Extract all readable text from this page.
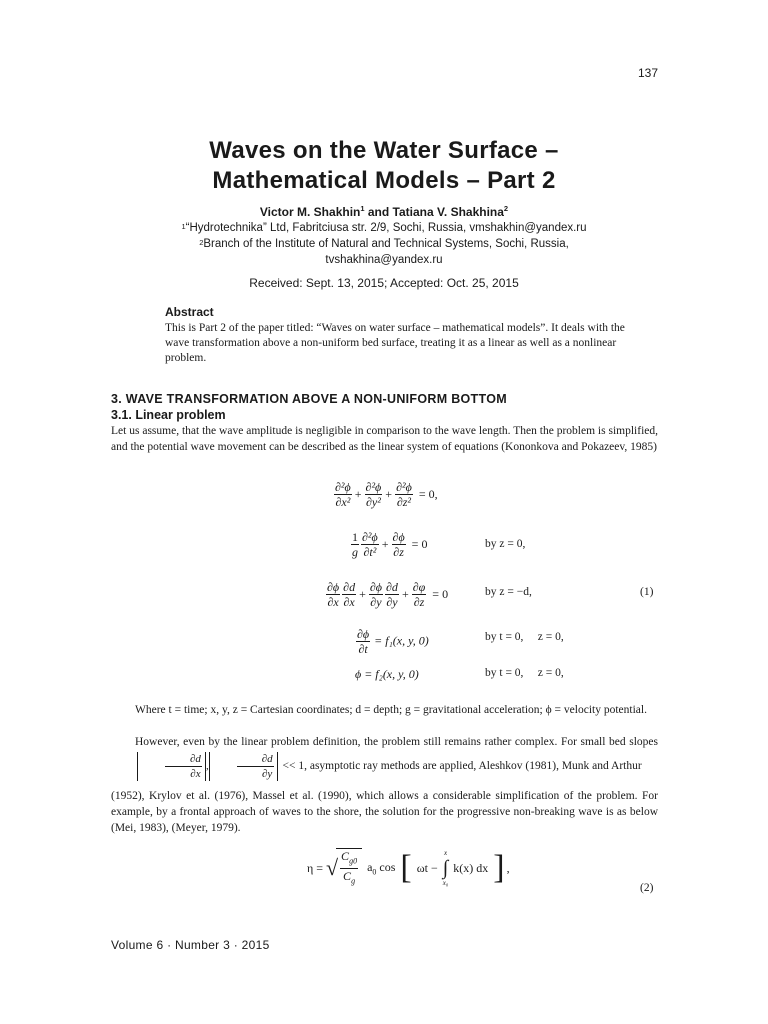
137
Waves on the Water Surface –
Mathematical Models – Part 2
Victor M. Shakhin$^1$ and Tatiana V. Shakhina$^2$
$^1$“Hydrotechnika” Ltd, Fabritciusa str. 2/9, Sochi, Russia, vmshakhin@yandex.ru
$^2$Branch of the Institute of Natural and Technical Systems, Sochi, Russia,
tvshakhina@yandex.ru
Received: Sept. 13, 2015; Accepted: Oct. 25, 2015
Abstract
This is Part 2 of the paper titled: “Waves on water surface – mathematical models”. It deals with the wave transformation above a non-uniform bed surface, treating it as a linear as well as a nonlinear problem.
3. WAVE TRANSFORMATION ABOVE A NON-UNIFORM BOTTOM
3.1. Linear problem
Let us assume, that the wave amplitude is negligible in comparison to the wave length. Then the problem is simplified, and the potential wave movement can be described as the linear system of equations (Kononkova and Pokazeev, 1985)
$\frac{\text{∂²ϕ}}{\text{∂x²}} + \frac{\text{∂²ϕ}}{\text{∂y²}} + \frac{\text{∂²ϕ}}{\text{∂z²}} = 0$,
$\frac{1}{g} \frac{\text{∂²ϕ}}{\text{∂t²}} + \frac{\partial\phi}{\partial z} = 0$	by z = 0,
$\frac{\partial\phi}{\partial x} \frac{\partial d}{\partial x} + \frac{\partial\phi}{\partial y} \frac{\partial d}{\partial y} + \frac{\partial\varphi}{\partial z} = 0$	by z = −d,	(1)
$\frac{\partial\phi}{\partial t} = f_1(x$, y, 0)	by t = 0,     z = 0,
ϕ = f₂(x, y, 0)	by t = 0,     z = 0,
Where t = time; x, y, z = Cartesian coordinates; d = depth; g = gravitational acceleration; ϕ = velocity potential.
However, even by the linear problem definition, the problem still remains rather complex. For small bed slopes
$\frac{\partial d}{\partial x}$ ,	$\frac{\partial d}{\partial y} << 1$, asymptotic ray methods are applied, Aleshkov (1981), Munk and Arthur
(1952), Krylov et al. (1976), Massel et al. (1990), which allows a considerable simplification of the problem. For example, by a frontal approach of waves to the shore, the solution for the progressive non-breaking wave is as below (Mei, 1983), (Meyer, 1979).
η =
√ $\frac{C_{g0}}{C_g} a_0$ cos [ ωt −
x
∫
x₀
k(x) dx ] ,
(2)
Volume 6 · Number 3 · 2015
